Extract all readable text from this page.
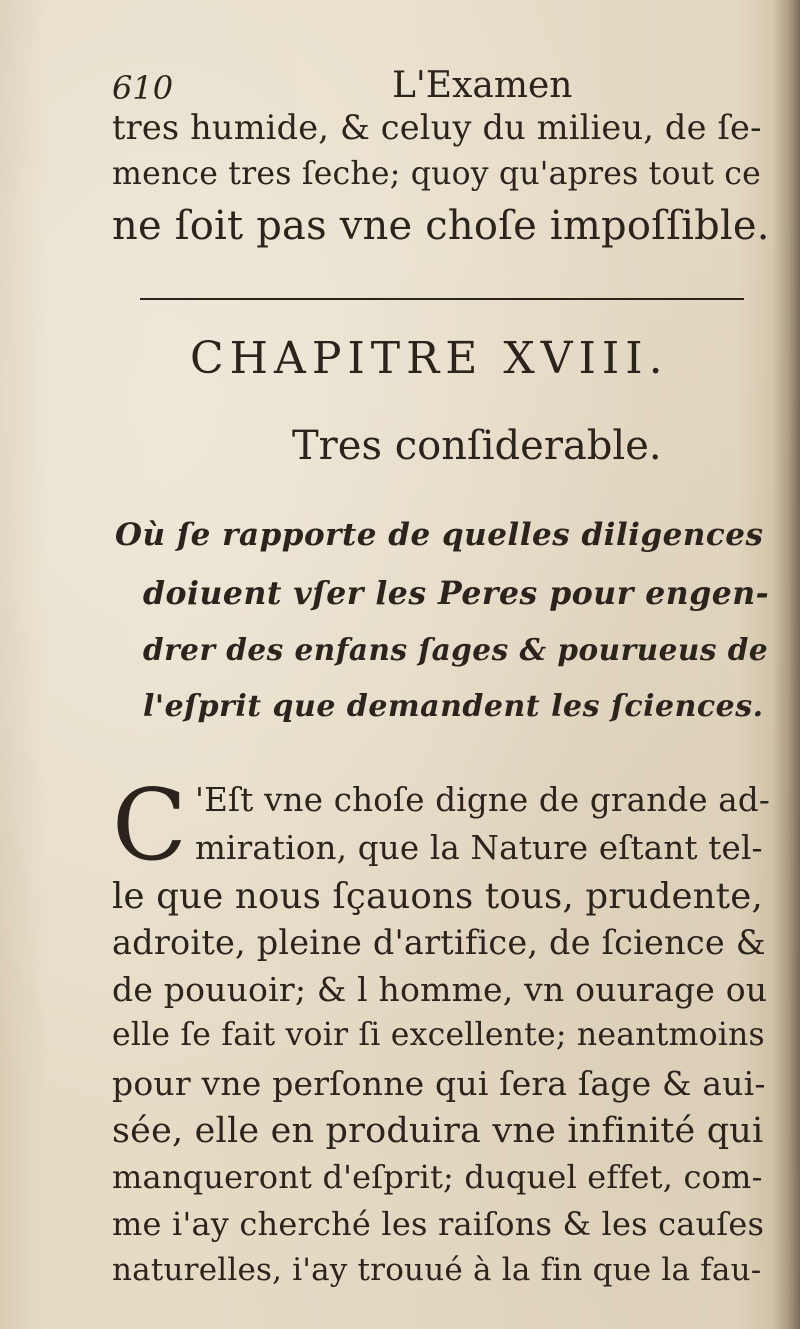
610	L'Examen
tres humide, & celuy du milieu, de ſe-
mence tres ſeche; quoy qu'apres tout ce
ne ſoit pas vne choſe impoſſible.
CHAPITRE XVIII.
Tres conſiderable.
Où ſe rapporte de quelles diligences
doiuent vſer les Peres pour engen-
drer des enfans ſages & pourueus de
l'eſprit que demandent les ſciences.
C 'Eſt vne choſe digne de grande ad-
miration, que la Nature eſtant tel-
le que nous ſçauons tous, prudente,
adroite, pleine d'artifice, de ſcience &
de pouuoir; & l homme, vn ouurage ou
elle ſe fait voir ſi excellente; neantmoins
pour vne perſonne qui ſera ſage & aui-
sée, elle en produira vne infinité qui
manqueront d'eſprit; duquel effet, com-
me i'ay cherché les raiſons & les cauſes
naturelles, i'ay trouué à la fin que la fau-
